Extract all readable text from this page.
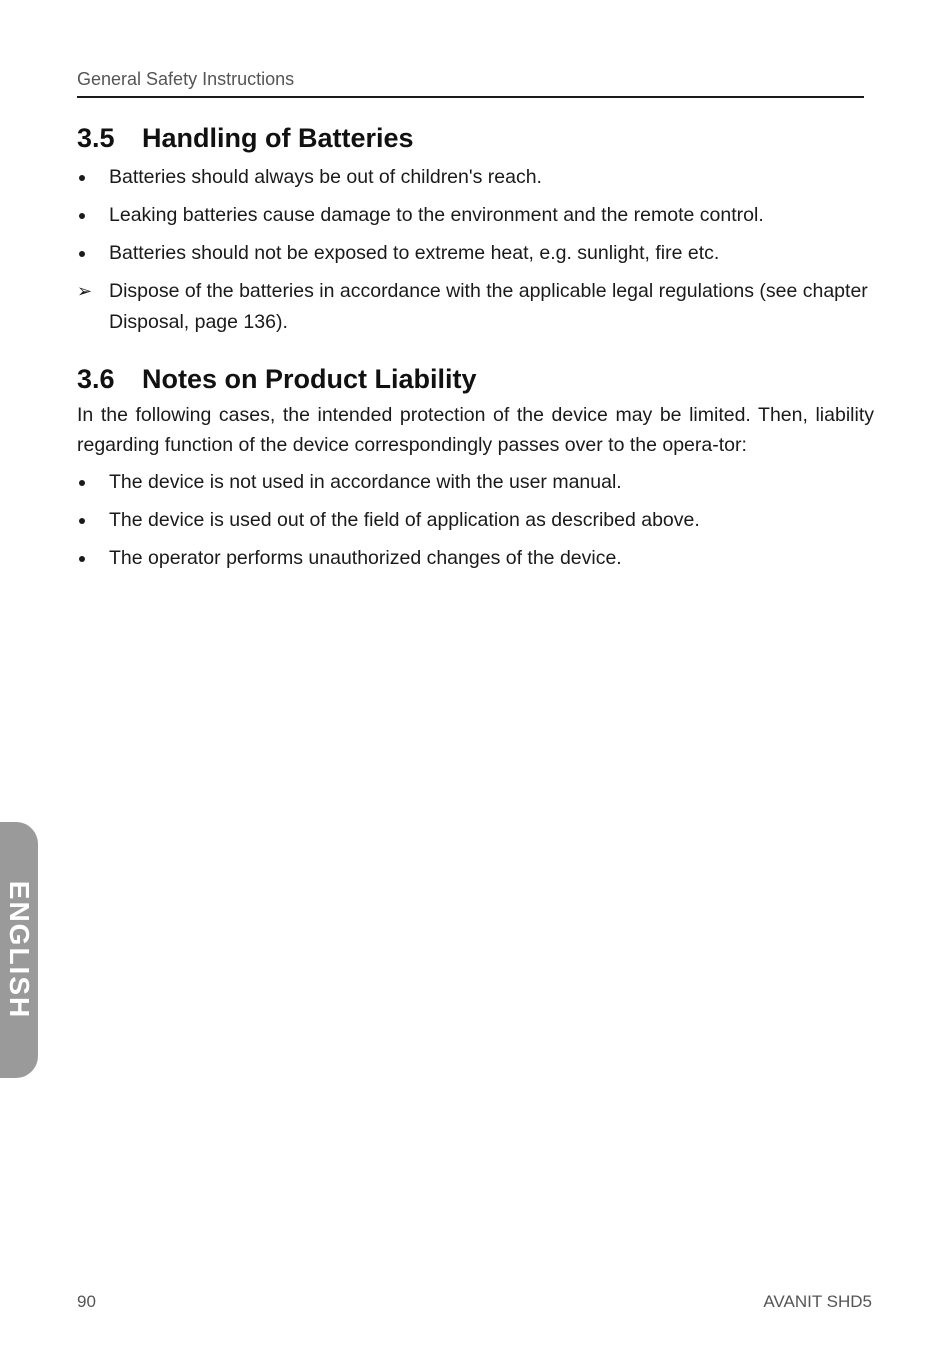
General Safety Instructions
3.5 Handling of Batteries
Batteries should always be out of children's reach.
Leaking batteries cause damage to the environment and the remote control.
Batteries should not be exposed to extreme heat, e.g. sunlight, fire etc.
➢ Dispose of the batteries in accordance with the applicable legal regulations (see chapter Disposal, page 136).
3.6 Notes on Product Liability

In the following cases, the intended protection of the device may be limited. Then, liability regarding function of the device correspondingly passes over to the opera-tor:

The device is not used in accordance with the user manual.
The device is used out of the field of application as described above.
The operator performs unauthorized changes of the device.
ENGLISH
90	AVANIT SHD5
